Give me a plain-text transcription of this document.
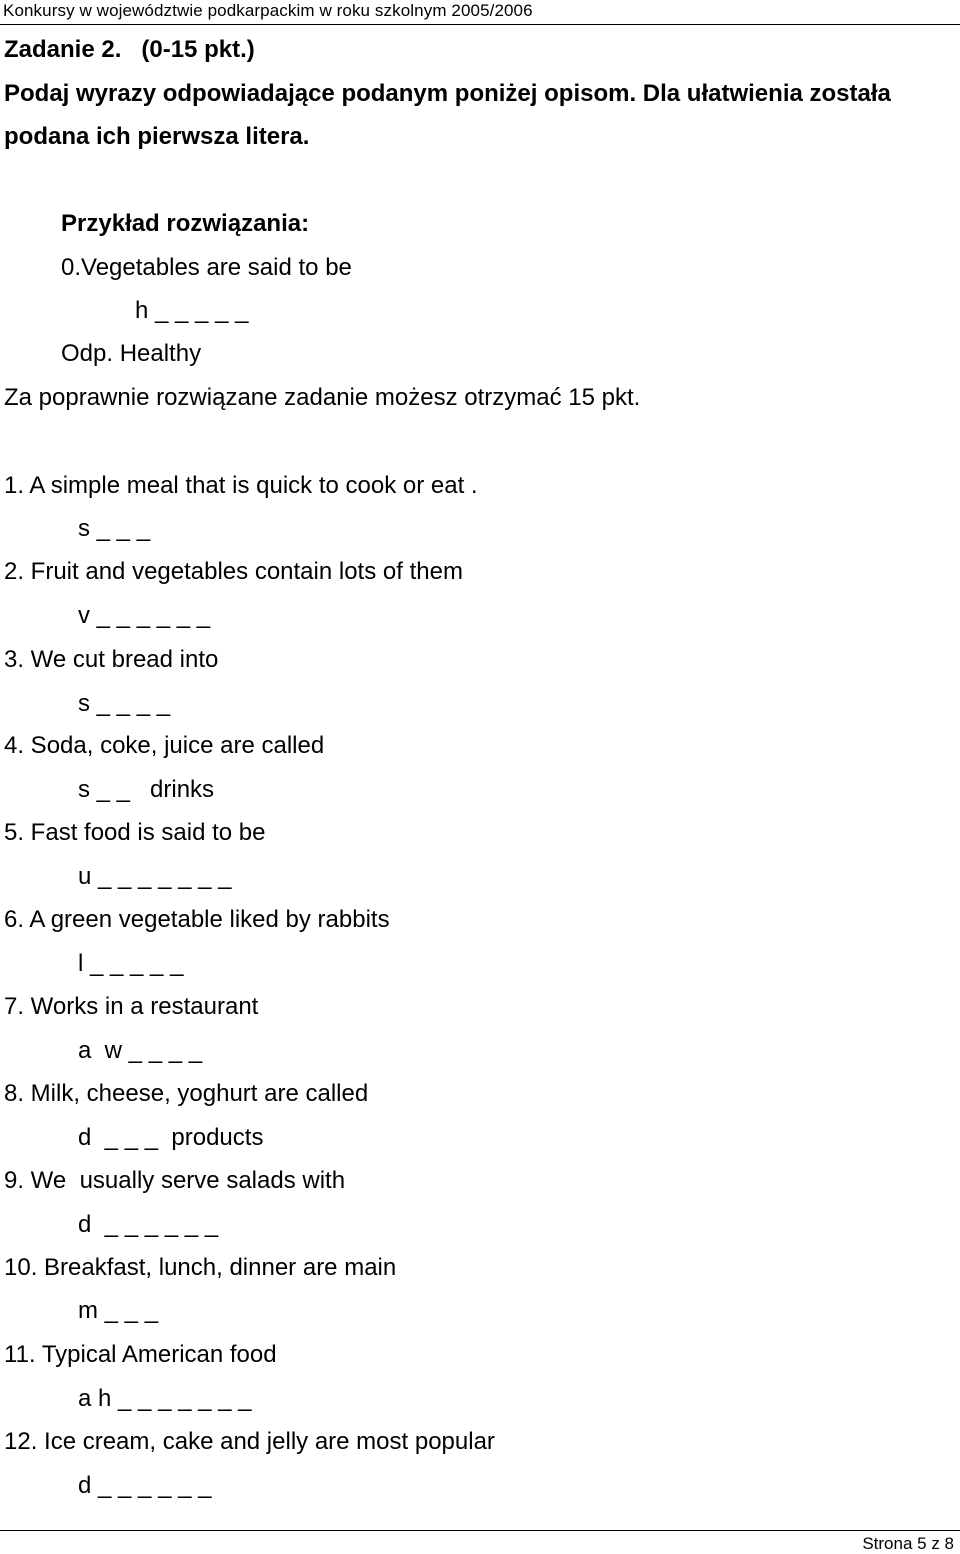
Konkursy w województwie podkarpackim w roku szkolnym 2005/2006
Zadanie 2.   (0-15 pkt.)
Podaj wyrazy odpowiadające podanym poniżej opisom. Dla ułatwienia została
podana ich pierwsza litera.
Przykład rozwiązania:
0.Vegetables are said to be
h _ _ _ _ _
Odp. Healthy
Za poprawnie rozwiązane zadanie możesz otrzymać 15 pkt.
1. A simple meal that is quick to cook or eat .
s _ _ _
2. Fruit and vegetables contain lots of them
v _ _ _ _ _ _
3. We cut bread into
s _ _ _ _
4. Soda, coke, juice are called
s _ _   drinks
5. Fast food is said to be
u _ _ _ _ _ _ _
6. A green vegetable liked by rabbits
l _ _ _ _ _
7. Works in a restaurant
a  w _ _ _ _
8. Milk, cheese, yoghurt are called
d  _ _ _  products
9. We  usually serve salads with
d  _ _ _ _ _ _
10. Breakfast, lunch, dinner are main
m _ _ _
11. Typical American food
a h _ _ _ _ _ _ _
12. Ice cream, cake and jelly are most popular
d _ _ _ _ _ _
Strona 5 z 8
